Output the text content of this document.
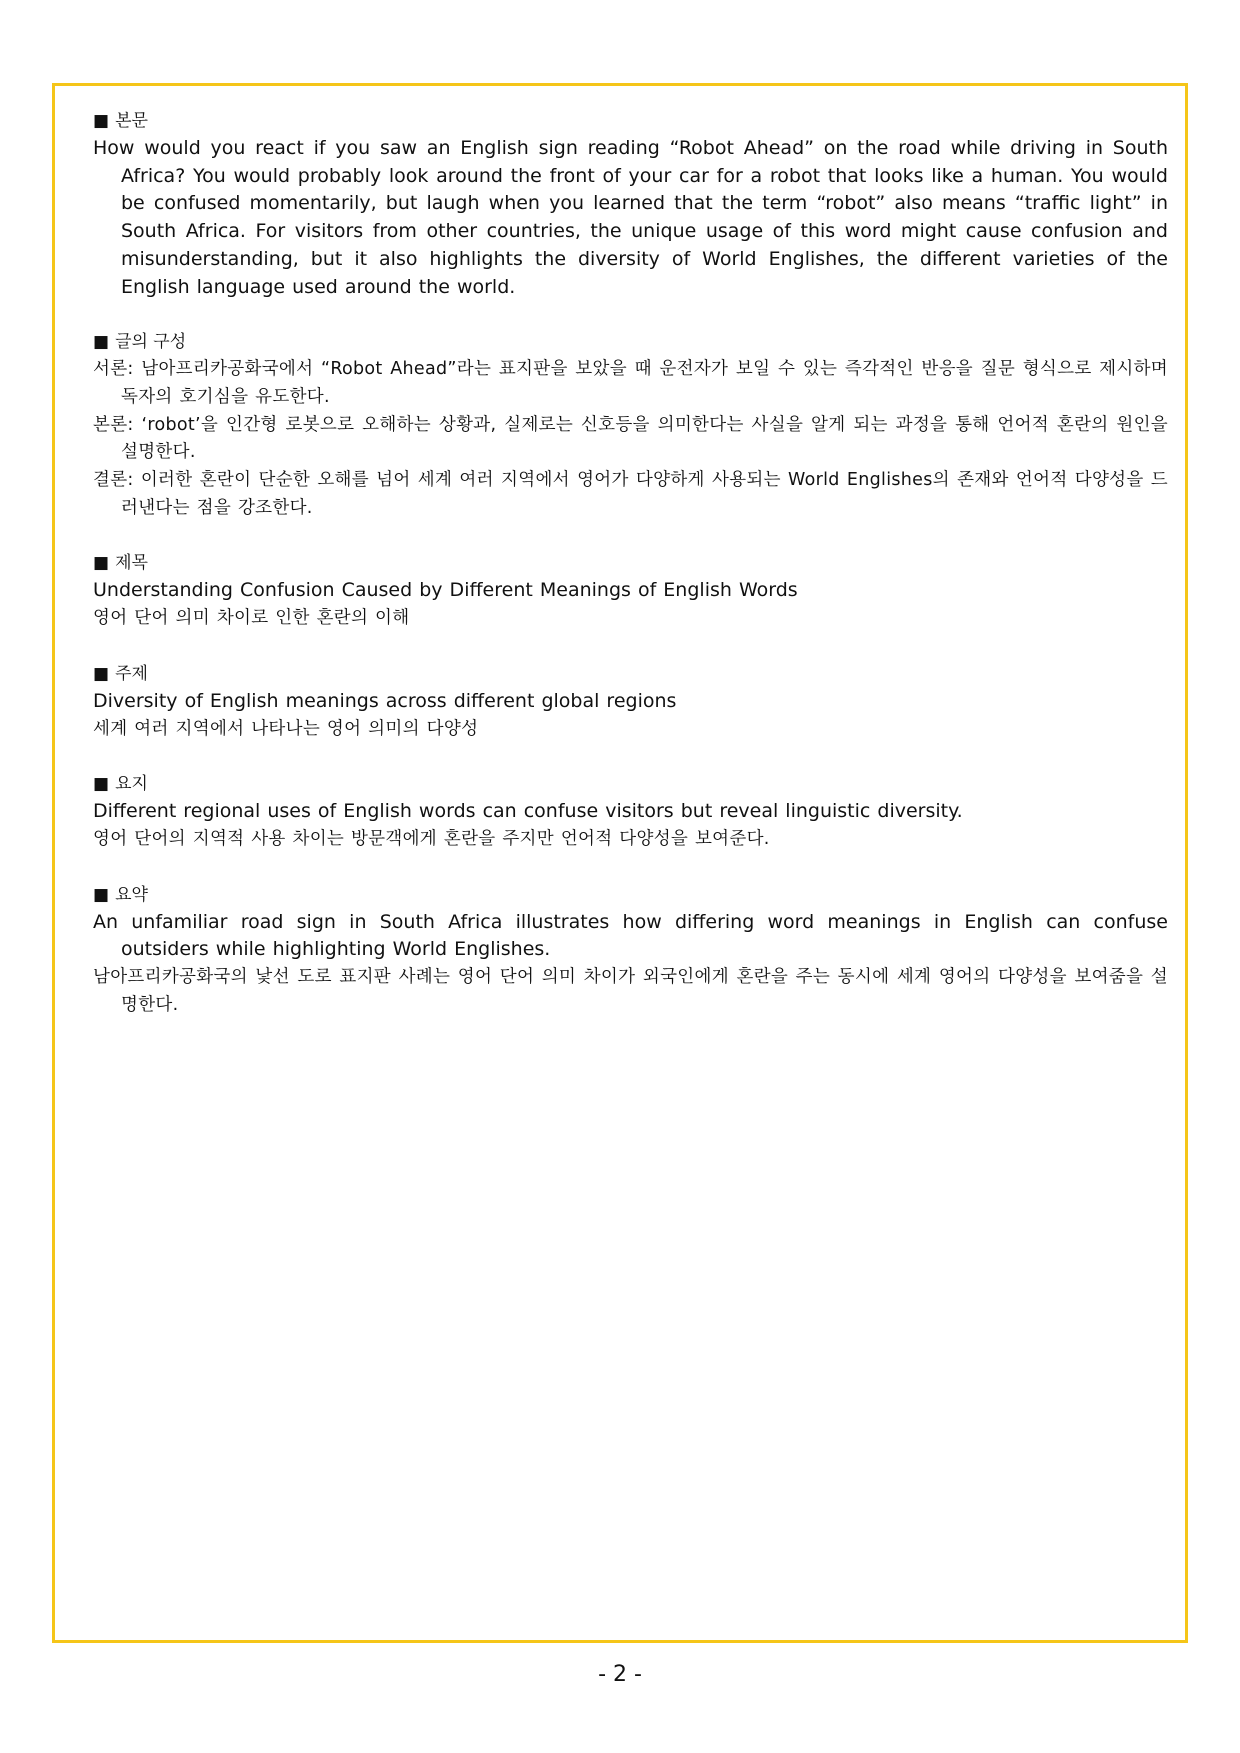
■ 본문

How would you react if you saw an English sign reading “Robot Ahead” on the road while driving in South Africa? You would probably look around the front of your car for a robot that looks like a human. You would be confused momentarily, but laugh when you learned that the term “robot” also means “traffic light” in South Africa. For visitors from other countries, the unique usage of this word might cause confusion and misunderstanding, but it also highlights the diversity of World Englishes, the different varieties of the English language used around the world.

■ 글의 구성

서론: 남아프리카공화국에서 “Robot Ahead”라는 표지판을 보았을 때 운전자가 보일 수 있는 즉각적인 반응을 질문 형식으로 제시하며 독자의 호기심을 유도한다.

본론: ‘robot’을 인간형 로봇으로 오해하는 상황과, 실제로는 신호등을 의미한다는 사실을 알게 되는 과정을 통해 언어적 혼란의 원인을 설명한다.

결론: 이러한 혼란이 단순한 오해를 넘어 세계 여러 지역에서 영어가 다양하게 사용되는 World Englishes의 존재와 언어적 다양성을 드러낸다는 점을 강조한다.

■ 제목

Understanding Confusion Caused by Different Meanings of English Words

영어 단어 의미 차이로 인한 혼란의 이해

■ 주제

Diversity of English meanings across different global regions

세계 여러 지역에서 나타나는 영어 의미의 다양성

■ 요지

Different regional uses of English words can confuse visitors but reveal linguistic diversity.

영어 단어의 지역적 사용 차이는 방문객에게 혼란을 주지만 언어적 다양성을 보여준다.

■ 요약

An unfamiliar road sign in South Africa illustrates how differing word meanings in English can confuse outsiders while highlighting World Englishes.

남아프리카공화국의 낯선 도로 표지판 사례는 영어 단어 의미 차이가 외국인에게 혼란을 주는 동시에 세계 영어의 다양성을 보여줌을 설명한다.

- 2 -
